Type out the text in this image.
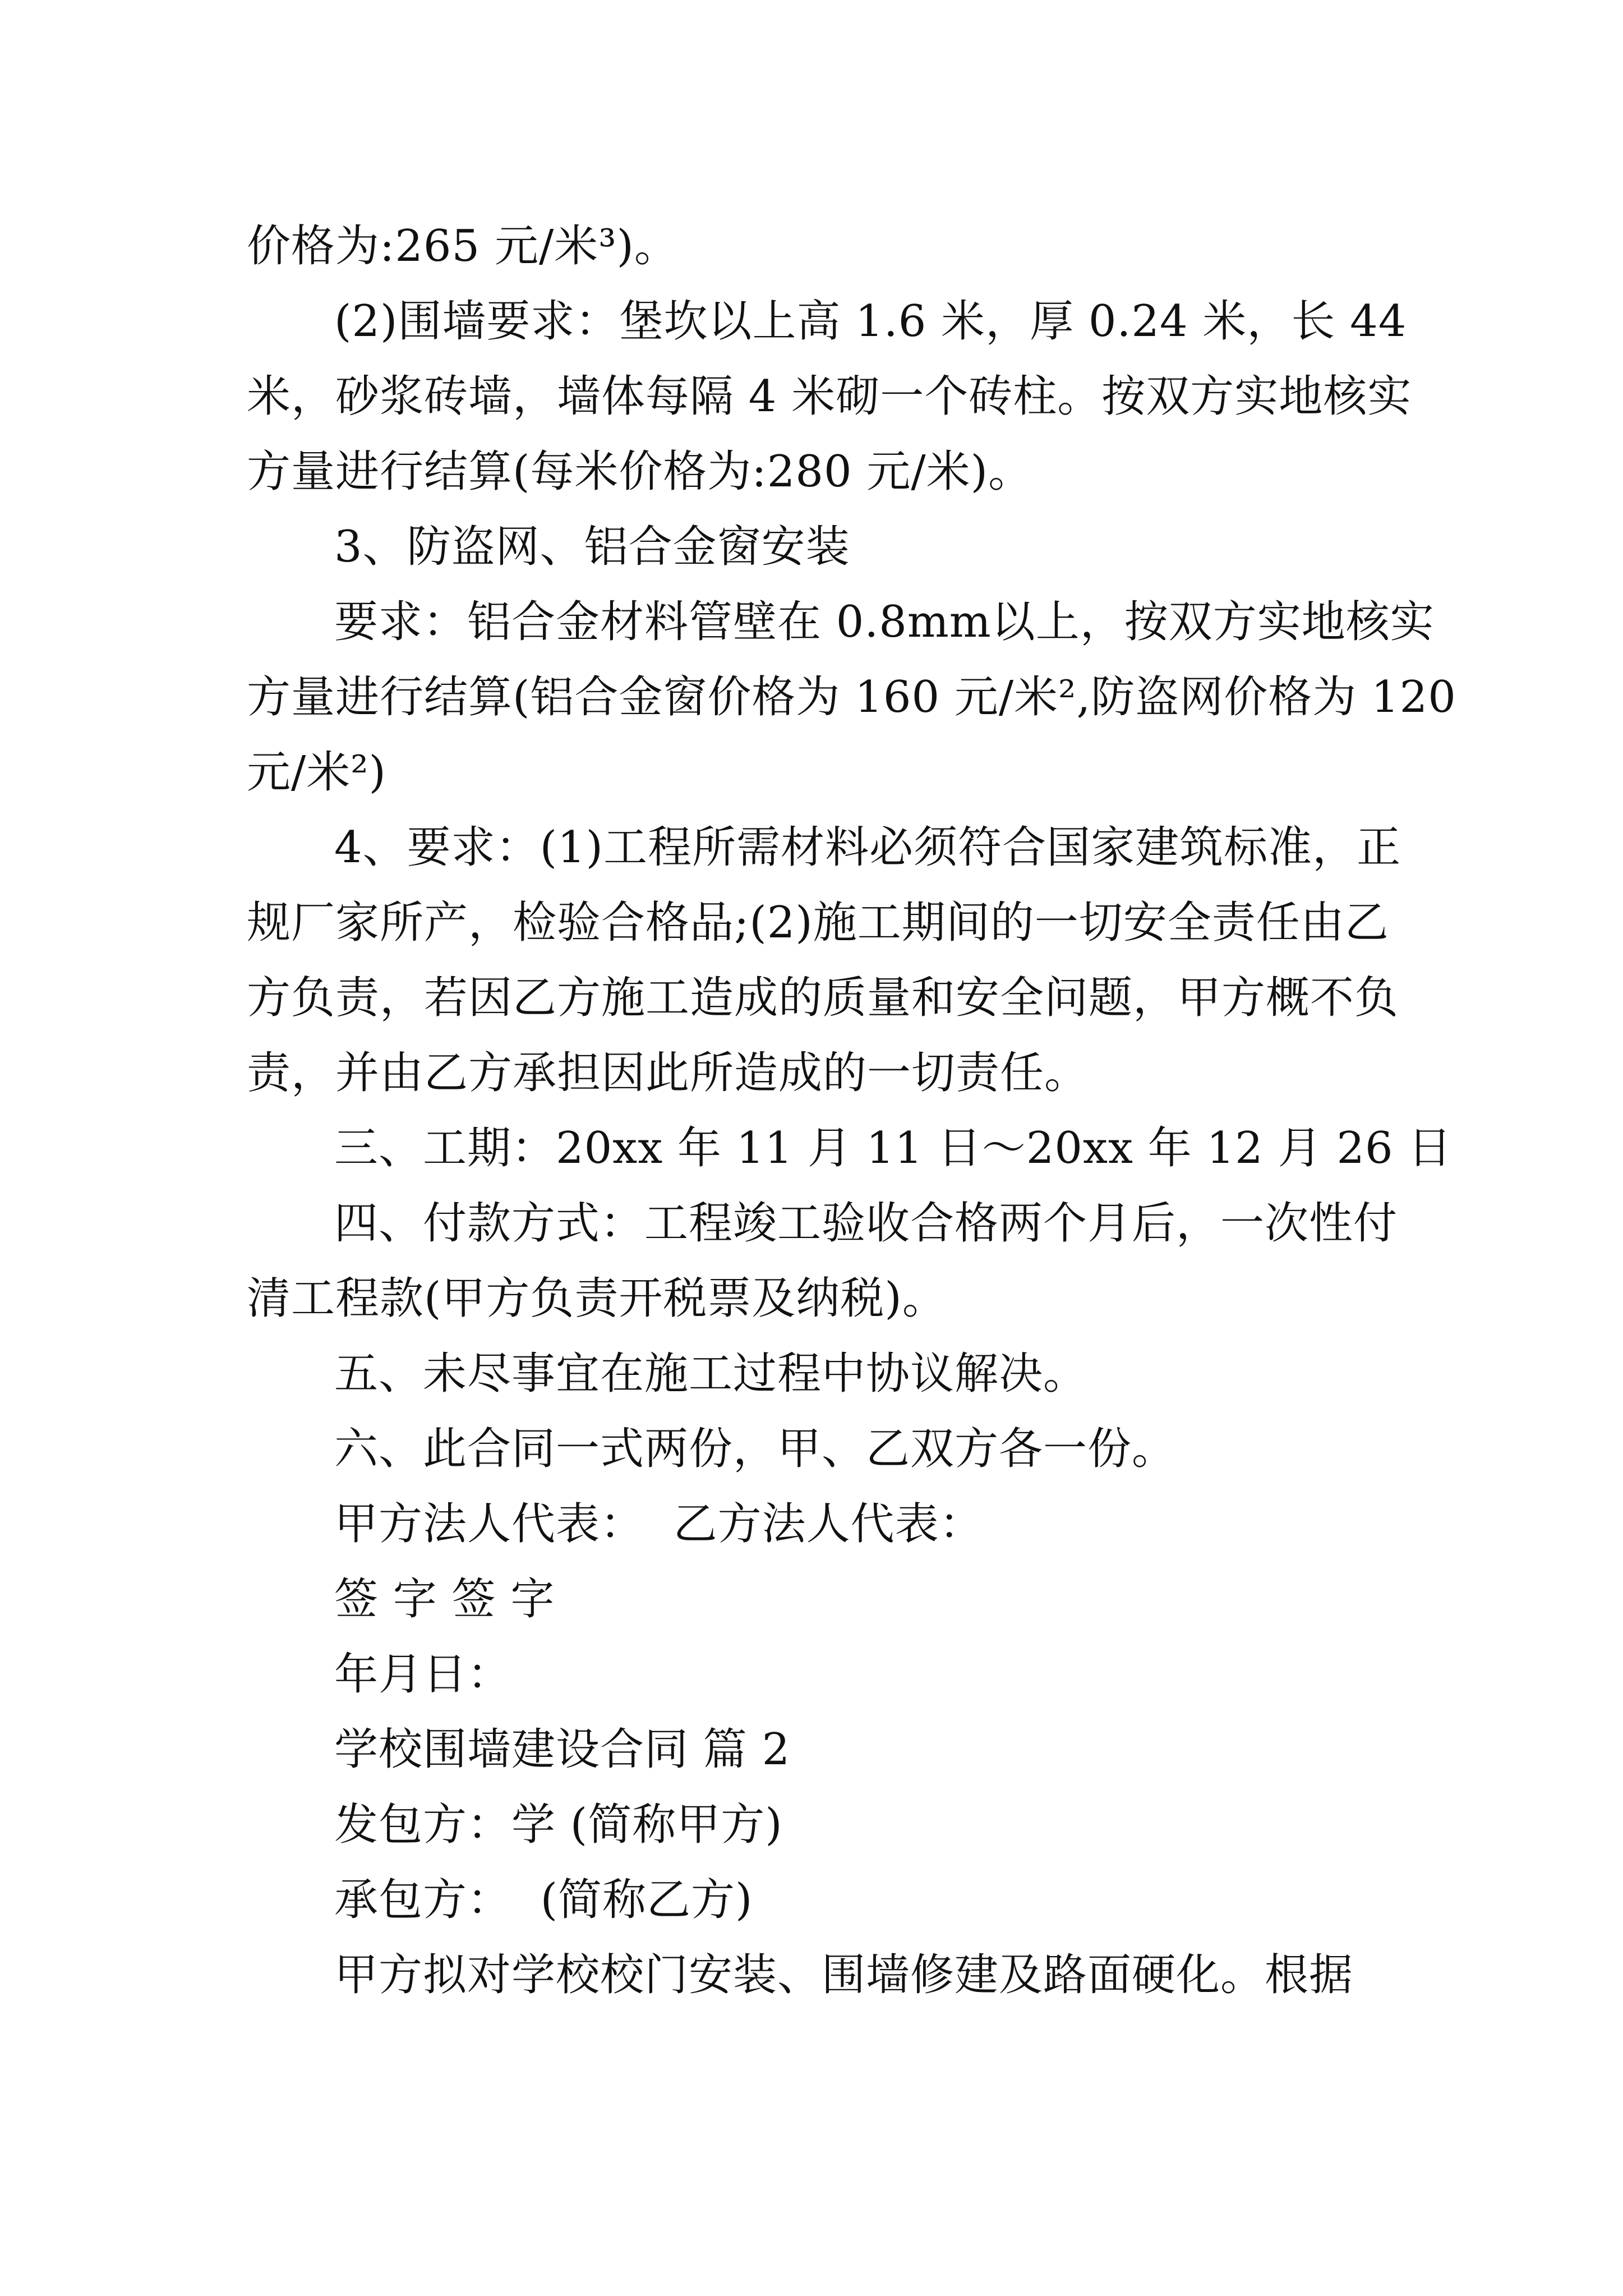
价格为:265 元/米³)。
(2)围墙要求：堡坎以上高 1.6 米，厚 0.24 米，长 44
米，砂浆砖墙，墙体每隔 4 米砌一个砖柱。按双方实地核实
方量进行结算(每米价格为:280 元/米)。
3、防盗网、铝合金窗安装
要求：铝合金材料管壁在 0.8mm以上，按双方实地核实
方量进行结算(铝合金窗价格为 160 元/米²,防盗网价格为 120
元/米²)
4、要求：(1)工程所需材料必须符合国家建筑标准，正
规厂家所产，检验合格品;(2)施工期间的一切安全责任由乙
方负责，若因乙方施工造成的质量和安全问题，甲方概不负
责，并由乙方承担因此所造成的一切责任。
三、工期：20xx 年 11 月 11 日～20xx 年 12 月 26 日
四、付款方式：工程竣工验收合格两个月后，一次性付
清工程款(甲方负责开税票及纳税)。
五、未尽事宜在施工过程中协议解决。
六、此合同一式两份，甲、乙双方各一份。
甲方法人代表：  乙方法人代表：
签 字 签 字
年月日：
学校围墙建设合同 篇 2
发包方：学 (简称甲方)
承包方：  (简称乙方)
甲方拟对学校校门安装、围墙修建及路面硬化。根据
